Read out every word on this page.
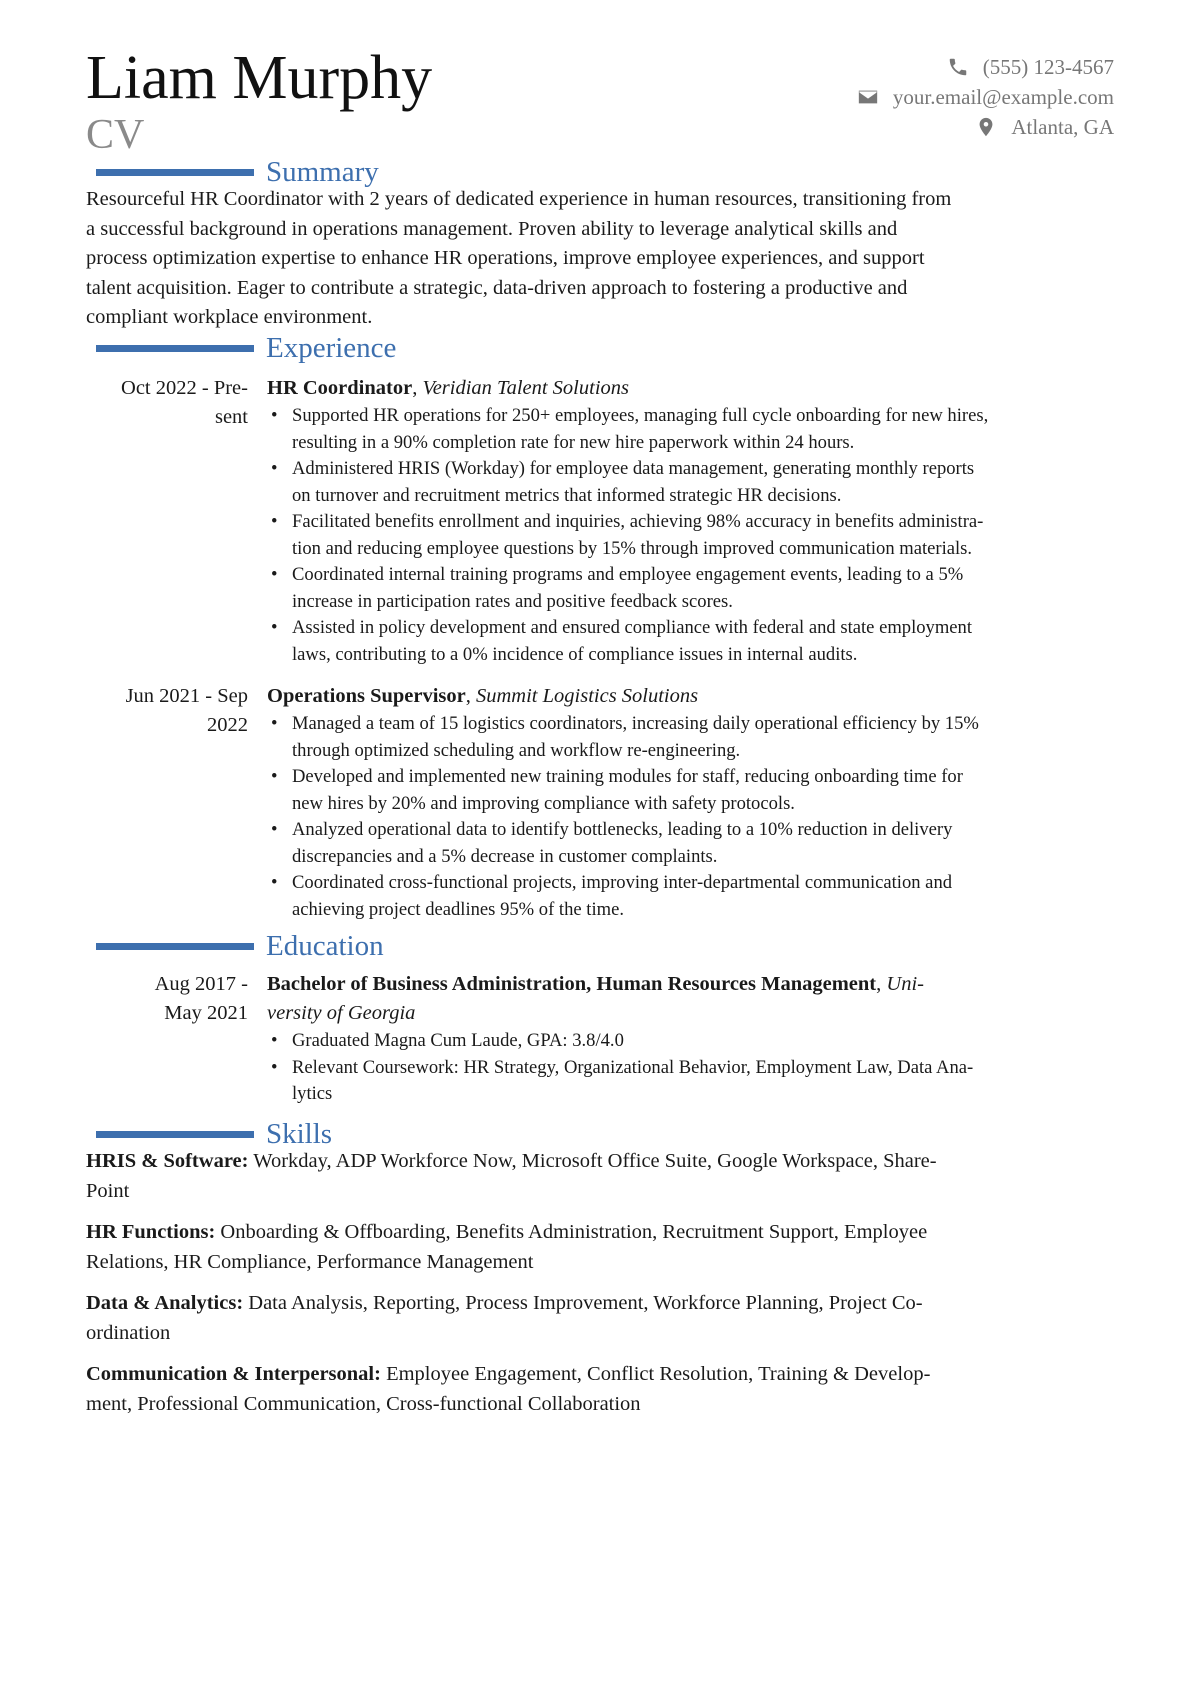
Liam Murphy
CV
(555) 123-4567
your.email@example.com
Atlanta, GA
Summary
Resourceful HR Coordinator with 2 years of dedicated experience in human resources, transitioning from
a successful background in operations management. Proven ability to leverage analytical skills and
process optimization expertise to enhance HR operations, improve employee experiences, and support
talent acquisition. Eager to contribute a strategic, data-driven approach to fostering a productive and
compliant workplace environment.
Experience
Oct 2022 - Pre-
sent
HR Coordinator, Veridian Talent Solutions
• Supported HR operations for 250+ employees, managing full cycle onboarding for new hires,
resulting in a 90% completion rate for new hire paperwork within 24 hours.
• Administered HRIS (Workday) for employee data management, generating monthly reports
on turnover and recruitment metrics that informed strategic HR decisions.
• Facilitated benefits enrollment and inquiries, achieving 98% accuracy in benefits administra-
tion and reducing employee questions by 15% through improved communication materials.
• Coordinated internal training programs and employee engagement events, leading to a 5%
increase in participation rates and positive feedback scores.
• Assisted in policy development and ensured compliance with federal and state employment
laws, contributing to a 0% incidence of compliance issues in internal audits.
Jun 2021 - Sep
2022
Operations Supervisor, Summit Logistics Solutions
• Managed a team of 15 logistics coordinators, increasing daily operational efficiency by 15%
through optimized scheduling and workflow re-engineering.
• Developed and implemented new training modules for staff, reducing onboarding time for
new hires by 20% and improving compliance with safety protocols.
• Analyzed operational data to identify bottlenecks, leading to a 10% reduction in delivery
discrepancies and a 5% decrease in customer complaints.
• Coordinated cross-functional projects, improving inter-departmental communication and
achieving project deadlines 95% of the time.
Education
Aug 2017 -
May 2021
Bachelor of Business Administration, Human Resources Management, Uni-
versity of Georgia
• Graduated Magna Cum Laude, GPA: 3.8/4.0
• Relevant Coursework: HR Strategy, Organizational Behavior, Employment Law, Data Ana-
lytics
Skills
HRIS & Software: Workday, ADP Workforce Now, Microsoft Office Suite, Google Workspace, Share-
Point
HR Functions: Onboarding & Offboarding, Benefits Administration, Recruitment Support, Employee
Relations, HR Compliance, Performance Management
Data & Analytics: Data Analysis, Reporting, Process Improvement, Workforce Planning, Project Co-
ordination
Communication & Interpersonal: Employee Engagement, Conflict Resolution, Training & Develop-
ment, Professional Communication, Cross-functional Collaboration
